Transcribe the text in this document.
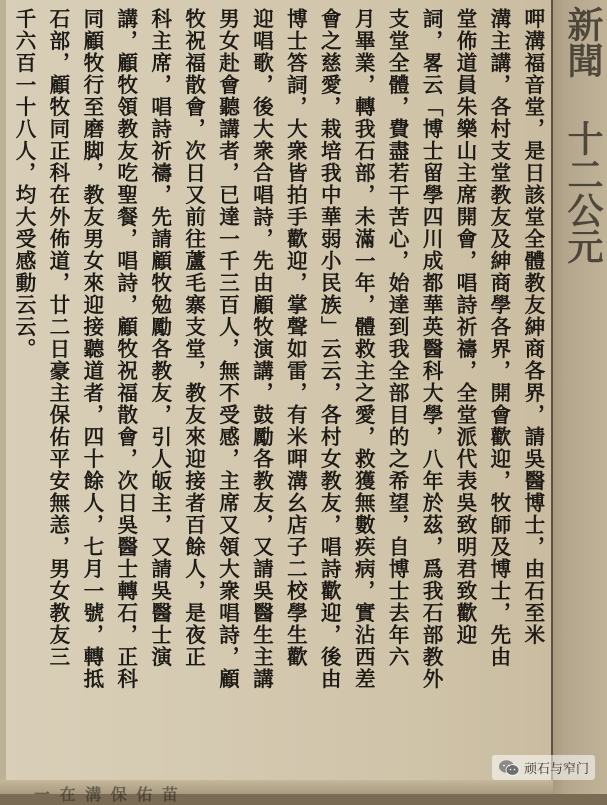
呷溝福音堂，是日該堂全體教友紳商各界，請吳醫博士，由石至米
溝主講，各村支堂教友及紳商學各界，開會歡迎，牧師及博士，先由
堂佈道員朱樂山主席開會，唱詩祈禱，全堂派代表吳致明君致歡迎
詞，畧云「博士留學四川成都華英醫科大學，八年於茲，爲我石部教外
支堂全體，費盡若干苦心，始達到我全部目的之希望，自博士去年六
月畢業，轉我石部，未滿一年，體救主之愛，救獲無數疾病，實沾西差
會之慈愛，栽培我中華弱小民族」云云，各村女教友，唱詩歡迎，後由
博士答詞，大衆皆拍手歡迎，掌聲如雷，有米呷溝幺店子二校學生歡
迎唱歌，後大衆合唱詩，先由顧牧演講，鼓勵各教友，又請吳醫生主講
男女赴會聽講者，已達一千三百人，無不受感，主席又領大衆唱詩，顧
牧祝福散會，次日又前往蘆毛寨支堂，教友來迎接者百餘人，是夜正
科主席，唱詩祈禱，先請顧牧勉勵各教友，引人皈主，又請吳醫士演
講，顧牧領教友吃聖餐，唱詩，顧牧祝福散會，次日吳醫士轉石，正科
同顧牧行至磨脚，教友男女來迎接聽道者，四十餘人，七月一號，轉抵
石部，顧牧同正科在外佈道，廿二日豪主保佑平安無恙，男女教友三
千六百一十八人，均大受感動云云。	新聞 十二公元
一 在 溝 保 佑 苗
顽石与窄门
